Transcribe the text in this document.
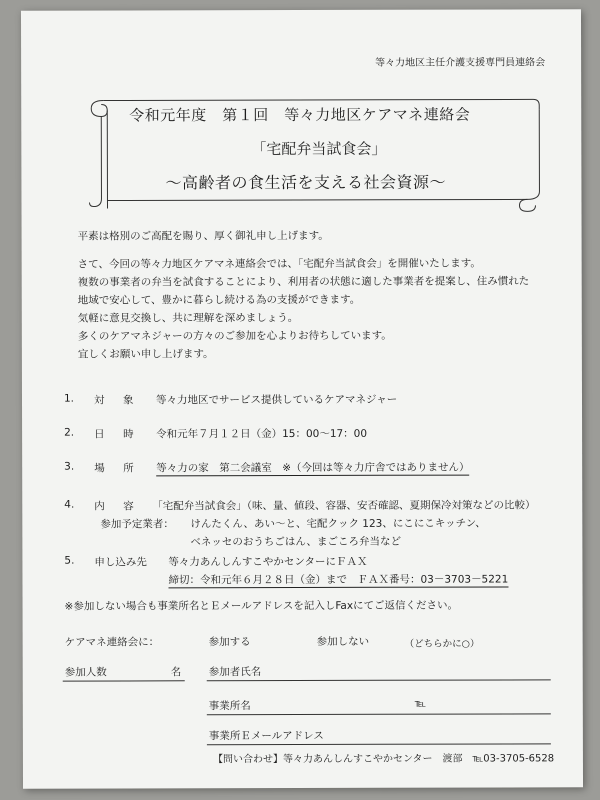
等々力地区主任介護支援専門員連絡会
令和元年度　第１回　等々力地区ケアマネ連絡会
「宅配弁当試食会」
～高齢者の食生活を支える社会資源～
平素は格別のご高配を賜り、厚く御礼申し上げます。
さて、今回の等々力地区ケアマネ連絡会では、「宅配弁当試食会」を開催いたします。
複数の事業者の弁当を試食することにより、利用者の状態に適した事業者を提案し、住み慣れた
地域で安心して、豊かに暮らし続ける為の支援ができます。
気軽に意見交換し、共に理解を深めましょう。
多くのケアマネジャーの方々のご参加を心よりお待ちしています。
宜しくお願い申し上げます。
1. 対　象 等々力地区でサービス提供しているケアマネジャー
2. 日　時 令和元年７月１２日（金）15：00～17：00
3. 場　所 等々力の家　第二会議室　※（今回は等々力庁舎ではありません）
4. 内　容 「宅配弁当試食会」（味、量、値段、容器、安否確認、夏期保冷対策などの比較）
参加予定業者： けんたくん、あい～と、宅配クック 123、にこにこキッチン、
ベネッセのおうちごはん、まごころ弁当など
5. 申し込み先 等々力あんしんすこやかセンターにＦＡＸ
締切：令和元年６月２８日（金）まで　ＦＡＸ番号：03－3703－5221
※参加しない場合も事業所名とＥメールアドレスを記入しFaxにてご返信ください。
ケアマネ連絡会に：	参加する	参加しない	（どちらかに○）
参加人数	名	参加者氏名
事業所名	℡
事業所Ｅメールアドレス
【問い合わせ】等々力あんしんすこやかセンター　渡部　℡03-3705-6528
